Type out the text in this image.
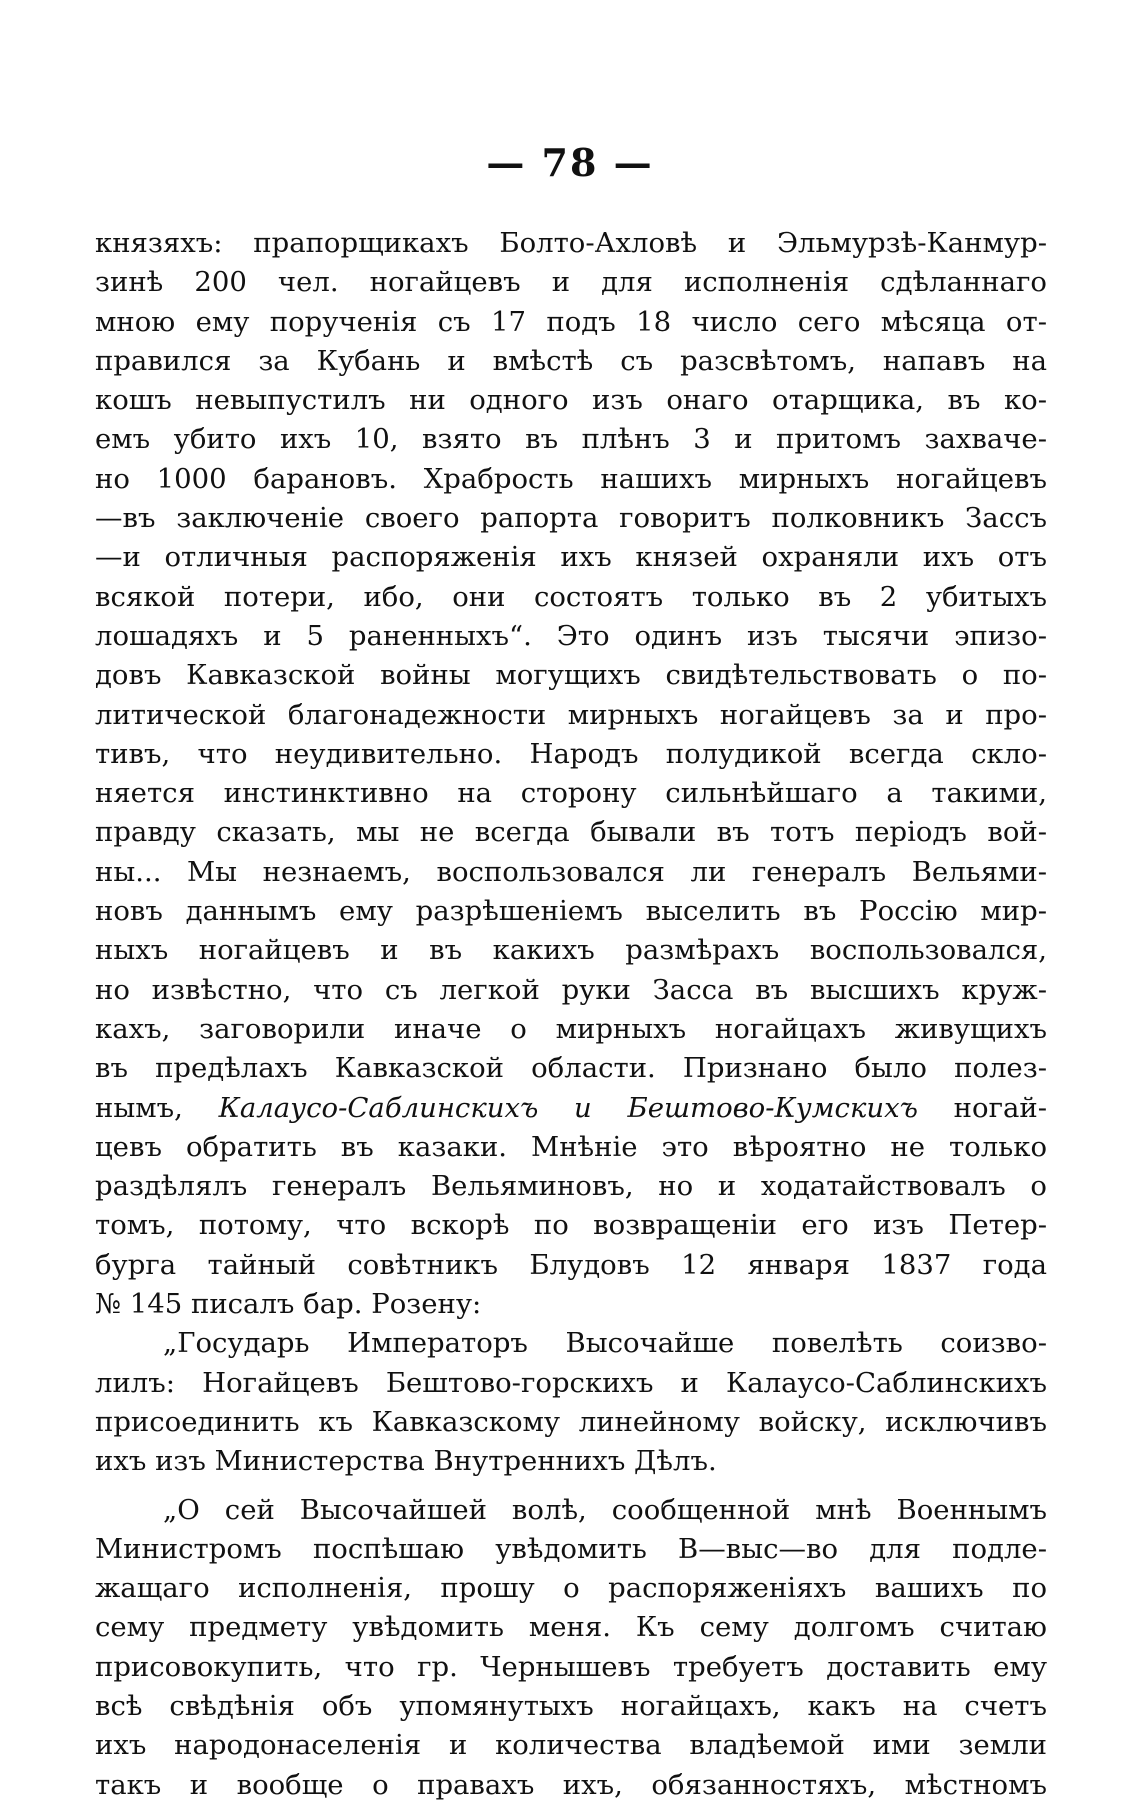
— 78 —
князяхъ: прапорщикахъ Болто-Ахловѣ и Эльмурзѣ-Канмур-
зинѣ 200 чел. ногайцевъ и для исполненія сдѣланнаго
мною ему порученія съ 17 подъ 18 число сего мѣсяца от-
правился за Кубань и вмѣстѣ съ разсвѣтомъ, напавъ на
кошъ невыпустилъ ни одного изъ онаго отарщика, въ ко-
емъ убито ихъ 10, взято въ плѣнъ 3 и притомъ захваче-
но 1000 барановъ. Храбрость нашихъ мирныхъ ногайцевъ
—въ заключеніе своего рапорта говоритъ полковникъ Зассъ
—и отличныя распоряженія ихъ князей охраняли ихъ отъ
всякой потери, ибо, они состоятъ только въ 2 убитыхъ
лошадяхъ и 5 раненныхъ“. Это одинъ изъ тысячи эпизо-
довъ Кавказской войны могущихъ свидѣтельствовать о по-
литической благонадежности мирныхъ ногайцевъ за и про-
тивъ, что неудивительно. Народъ полудикой всегда скло-
няется инстинктивно на сторону сильнѣйшаго а такими,
правду сказать, мы не всегда бывали въ тотъ періодъ вой-
ны... Мы незнаемъ, воспользовался ли генералъ Вельями-
новъ даннымъ ему разрѣшеніемъ выселить въ Россію мир-
ныхъ ногайцевъ и въ какихъ размѣрахъ воспользовался,
но извѣстно, что съ легкой руки Засса въ высшихъ круж-
кахъ, заговорили иначе о мирныхъ ногайцахъ живущихъ
въ предѣлахъ Кавказской области. Признано было полез-
нымъ, Калаусо-Саблинскихъ и Бештово-Кумскихъ ногай-
цевъ обратить въ казаки. Мнѣніе это вѣроятно не только
раздѣлялъ генералъ Вельяминовъ, но и ходатайствовалъ о
томъ, потому, что вскорѣ по возвращеніи его изъ Петер-
бурга тайный совѣтникъ Блудовъ 12 января 1837 года
№ 145 писалъ бар. Розену:
„Государь Императоръ Высочайше повелѣть соизво-
лилъ: Ногайцевъ Бештово-горскихъ и Калаусо-Саблинскихъ
присоединить къ Кавказскому линейному войску, исключивъ
ихъ изъ Министерства Внутреннихъ Дѣлъ.
„О сей Высочайшей волѣ, сообщенной мнѣ Военнымъ
Министромъ поспѣшаю увѣдомить В—выс—во для подле-
жащаго исполненія, прошу о распоряженіяхъ вашихъ по
сему предмету увѣдомить меня. Къ сему долгомъ считаю
присовокупить, что гр. Чернышевъ требуетъ доставить ему
всѣ свѣдѣнія объ упомянутыхъ ногайцахъ, какъ на счетъ
ихъ народонаселенія и количества владѣемой ими земли
такъ и вообще о правахъ ихъ, обязанностяхъ, мѣстномъ
